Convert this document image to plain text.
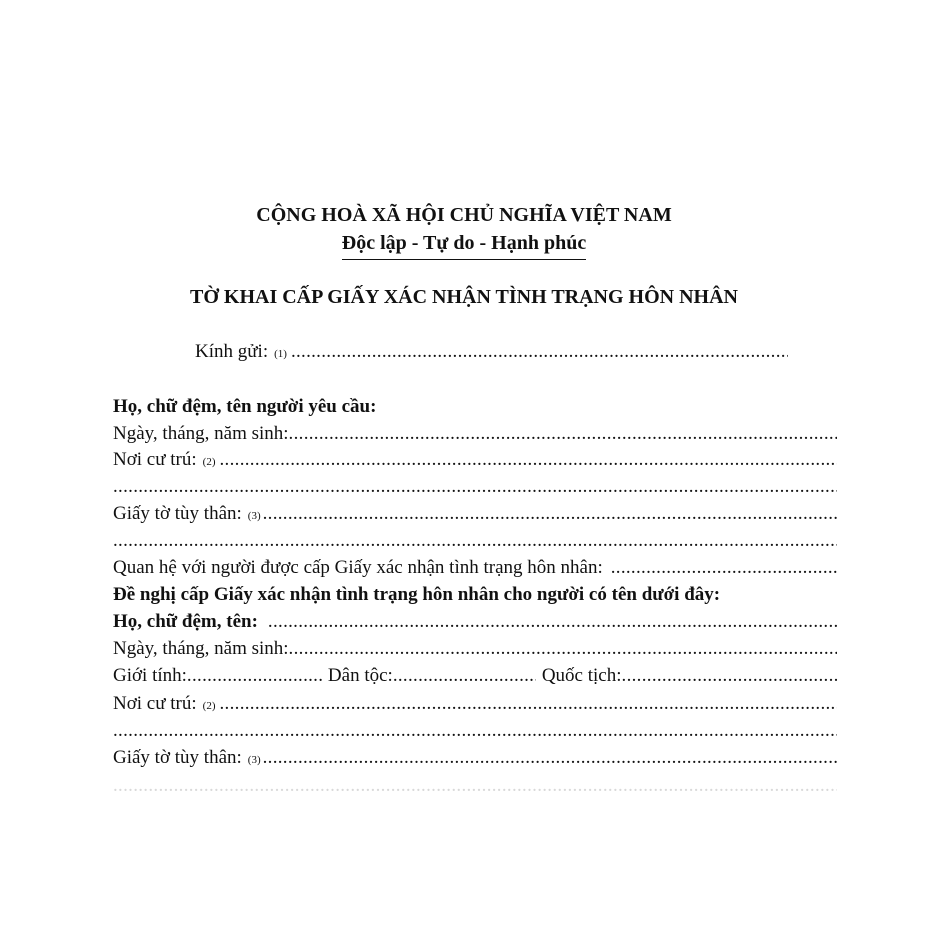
CỘNG HOÀ XÃ HỘI CHỦ NGHĨA VIỆT NAM
Độc lập - Tự do - Hạnh phúc
TỜ KHAI CẤP GIẤY XÁC NHẬN TÌNH TRẠNG HÔN NHÂN
Kính gửi: (1)
.....
Họ, chữ đệm, tên người yêu cầu:
Ngày, tháng, năm sinh:
.....
Nơi cư trú: (2)
.....
.....
Giấy tờ tùy thân: (3)
.....
.....
Quan hệ với người được cấp Giấy xác nhận tình trạng hôn nhân:
.....
Đề nghị cấp Giấy xác nhận tình trạng hôn nhân cho người có tên dưới đây:
Họ, chữ đệm, tên:
.....
Ngày, tháng, năm sinh:
.....
Giới tính: .....	Dân tộc: .....	Quốc tịch:
.....
Nơi cư trú: (2)
.....
.....
Giấy tờ tùy thân: (3)
.....
.....
